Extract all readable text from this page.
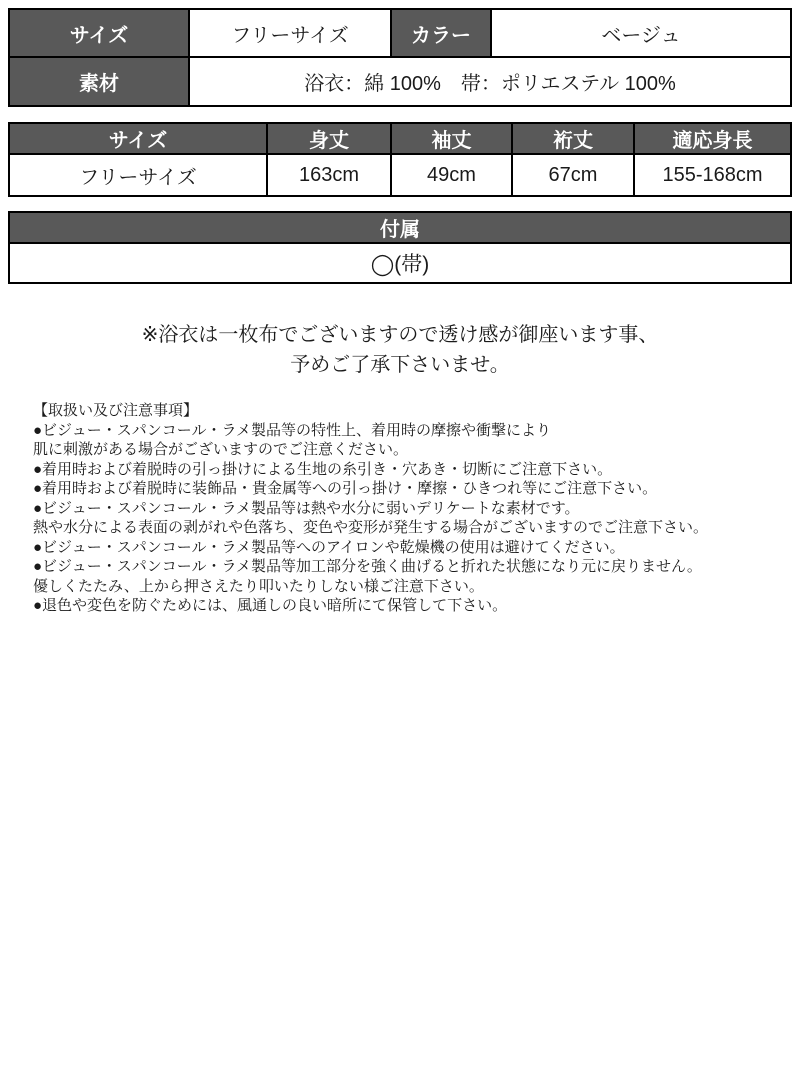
サイズ	フリーサイズ	カラー	ベージュ
素材	浴衣：綿 100%　帯：ポリエステル 100%		
サイズ	身丈	袖丈	裄丈	適応身長
フリーサイズ	163cm	49cm	67cm	155-168cm
付属
◯(帯)
※浴衣は一枚布でございますので透け感が御座います事、
予めご了承下さいませ。
【取扱い及び注意事項】
●ビジュー・スパンコール・ラメ製品等の特性上、着用時の摩擦や衝撃により
肌に刺激がある場合がございますのでご注意ください。
●着用時および着脱時の引っ掛けによる生地の糸引き・穴あき・切断にご注意下さい。
●着用時および着脱時に装飾品・貴金属等への引っ掛け・摩擦・ひきつれ等にご注意下さい。
●ビジュー・スパンコール・ラメ製品等は熱や水分に弱いデリケートな素材です。
熱や水分による表面の剥がれや色落ち、変色や変形が発生する場合がございますのでご注意下さい。
●ビジュー・スパンコール・ラメ製品等へのアイロンや乾燥機の使用は避けてください。
●ビジュー・スパンコール・ラメ製品等加工部分を強く曲げると折れた状態になり元に戻りません。
優しくたたみ、上から押さえたり叩いたりしない様ご注意下さい。
●退色や変色を防ぐためには、風通しの良い暗所にて保管して下さい。
